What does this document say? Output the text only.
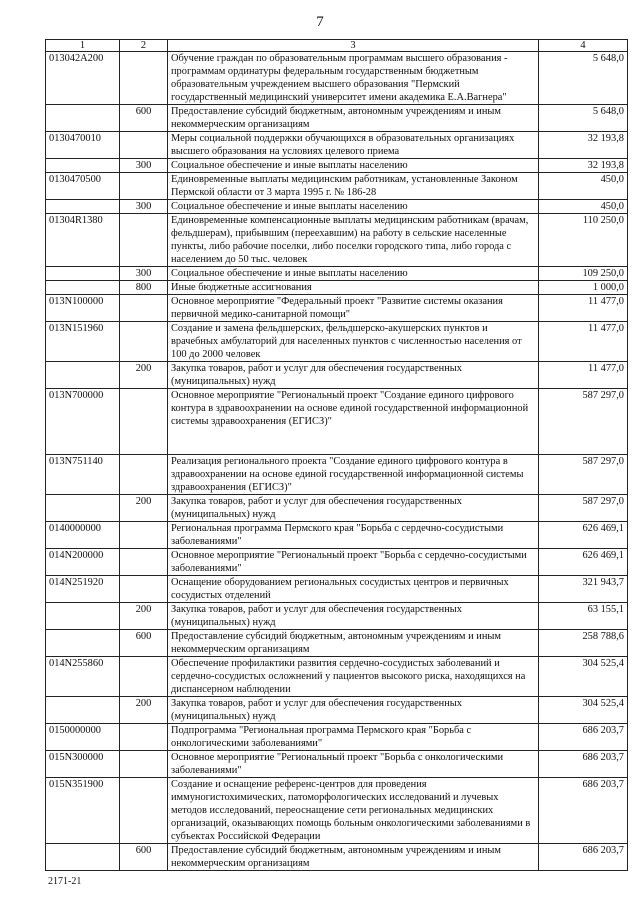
7
1	2	3	4
013042A200		Обучение граждан по образовательным программам высшего образования - программам ординатуры федеральным государственным бюджетным образовательным учреждением высшего образования "Пермский государственный медицинский университет имени академика Е.А.Вагнера"	5 648,0
	600	Предоставление субсидий бюджетным, автономным учреждениям и иным некоммерческим организациям	5 648,0
0130470010		Меры социальной поддержки обучающихся в образовательных организациях высшего образования на условиях целевого приема	32 193,8
	300	Социальное обеспечение и иные выплаты населению	32 193,8
0130470500		Единовременные выплаты медицинским работникам, установленные Законом Пермской области от 3 марта 1995 г. № 186-28	450,0
	300	Социальное обеспечение и иные выплаты населению	450,0
01304R1380		Единовременные компенсационные выплаты медицинским работникам (врачам, фельдшерам), прибывшим (переехавшим) на работу в сельские населенные пункты, либо рабочие поселки, либо поселки городского типа, либо города с населением до 50 тыс. человек	110 250,0
	300	Социальное обеспечение и иные выплаты населению	109 250,0
	800	Иные бюджетные ассигнования	1 000,0
013N100000		Основное мероприятие "Федеральный проект "Развитие системы оказания первичной медико-санитарной помощи"	11 477,0
013N151960		Создание и замена фельдшерских, фельдшерско-акушерских пунктов и врачебных амбулаторий для населенных пунктов с численностью населения от 100 до 2000 человек	11 477,0
	200	Закупка товаров, работ и услуг для обеспечения государственных (муниципальных) нужд	11 477,0
013N700000		Основное мероприятие "Региональный проект "Создание единого цифрового контура в здравоохранении на основе единой государственной информационной системы здравоохранения (ЕГИСЗ)"	587 297,0
013N751140		Реализация регионального проекта "Создание единого цифрового контура в здравоохранении на основе единой государственной информационной системы здравоохранения (ЕГИСЗ)"	587 297,0
	200	Закупка товаров, работ и услуг для обеспечения государственных (муниципальных) нужд	587 297,0
0140000000		Региональная программа Пермского края "Борьба с сердечно-сосудистыми заболеваниями"	626 469,1
014N200000		Основное мероприятие "Региональный проект "Борьба с сердечно-сосудистыми заболеваниями"	626 469,1
014N251920		Оснащение оборудованием региональных сосудистых центров и первичных сосудистых отделений	321 943,7
	200	Закупка товаров, работ и услуг для обеспечения государственных (муниципальных) нужд	63 155,1
	600	Предоставление субсидий бюджетным, автономным учреждениям и иным некоммерческим организациям	258 788,6
014N255860		Обеспечение профилактики развития сердечно-сосудистых заболеваний и сердечно-сосудистых осложнений у пациентов высокого риска, находящихся на диспансерном наблюдении	304 525,4
	200	Закупка товаров, работ и услуг для обеспечения государственных (муниципальных) нужд	304 525,4
0150000000		Подпрограмма "Региональная программа Пермского края "Борьба с онкологическими заболеваниями"	686 203,7
015N300000		Основное мероприятие "Региональный проект "Борьба с онкологическими заболеваниями"	686 203,7
015N351900		Создание и оснащение референс-центров для проведения иммуногистохимических, патоморфологических исследований и лучевых методов исследований, переоснащение сети региональных медицинских организаций, оказывающих помощь больным онкологическими заболеваниями в субъектах Российской Федерации	686 203,7
	600	Предоставление субсидий бюджетным, автономным учреждениям и иным некоммерческим организациям	686 203,7
2171-21
